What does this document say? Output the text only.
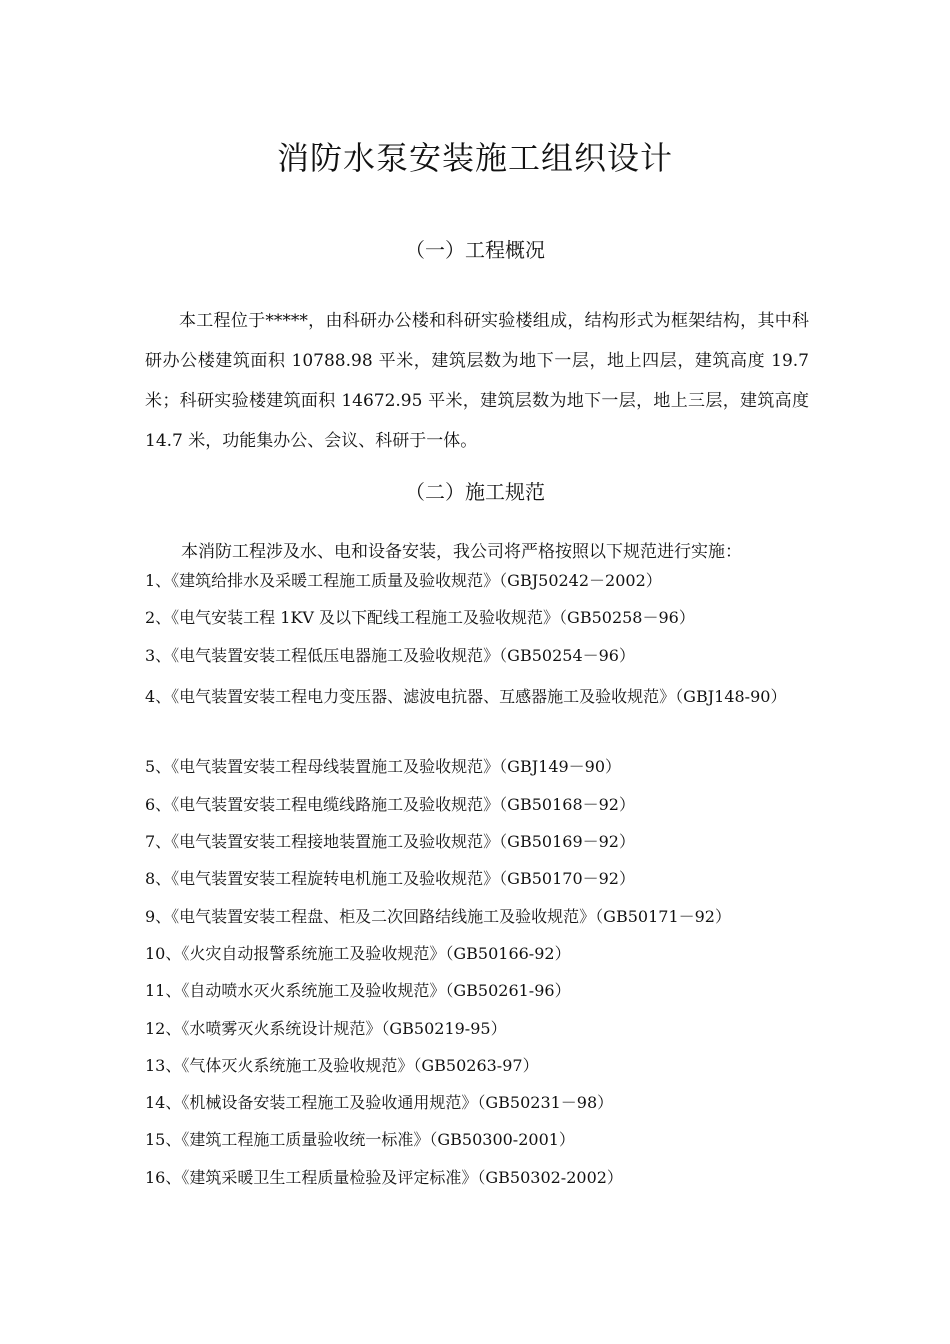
消防水泵安装施工组织设计
（一）工程概况

本工程位于*****，由科研办公楼和科研实验楼组成，结构形式为框架结构，其中科研办公楼建筑面积 10788.98 平米，建筑层数为地下一层，地上四层，建筑高度 19.7 米；科研实验楼建筑面积 14672.95 平米，建筑层数为地下一层，地上三层，建筑高度 14.7 米，功能集办公、会议、科研于一体。

（二）施工规范

本消防工程涉及水、电和设备安装，我公司将严格按照以下规范进行实施：

1、《建筑给排水及采暖工程施工质量及验收规范》（GBJ50242－2002）
2、《电气安装工程 1KV 及以下配线工程施工及验收规范》（GB50258－96）
3、《电气装置安装工程低压电器施工及验收规范》（GB50254－96）
4、《电气装置安装工程电力变压器、滤波电抗器、互感器施工及验收规范》（GBJ148-90）
5、《电气装置安装工程母线装置施工及验收规范》（GBJ149－90）
6、《电气装置安装工程电缆线路施工及验收规范》（GB50168－92）
7、《电气装置安装工程接地装置施工及验收规范》（GB50169－92）
8、《电气装置安装工程旋转电机施工及验收规范》（GB50170－92）
9、《电气装置安装工程盘、柜及二次回路结线施工及验收规范》（GB50171－92）
10、《火灾自动报警系统施工及验收规范》（GB50166-92）
11、《自动喷水灭火系统施工及验收规范》（GB50261-96）
12、《水喷雾灭火系统设计规范》（GB50219-95）
13、《气体灭火系统施工及验收规范》（GB50263-97）
14、《机械设备安装工程施工及验收通用规范》（GB50231－98）
15、《建筑工程施工质量验收统一标准》（GB50300-2001）
16、《建筑采暖卫生工程质量检验及评定标准》（GB50302-2002）
